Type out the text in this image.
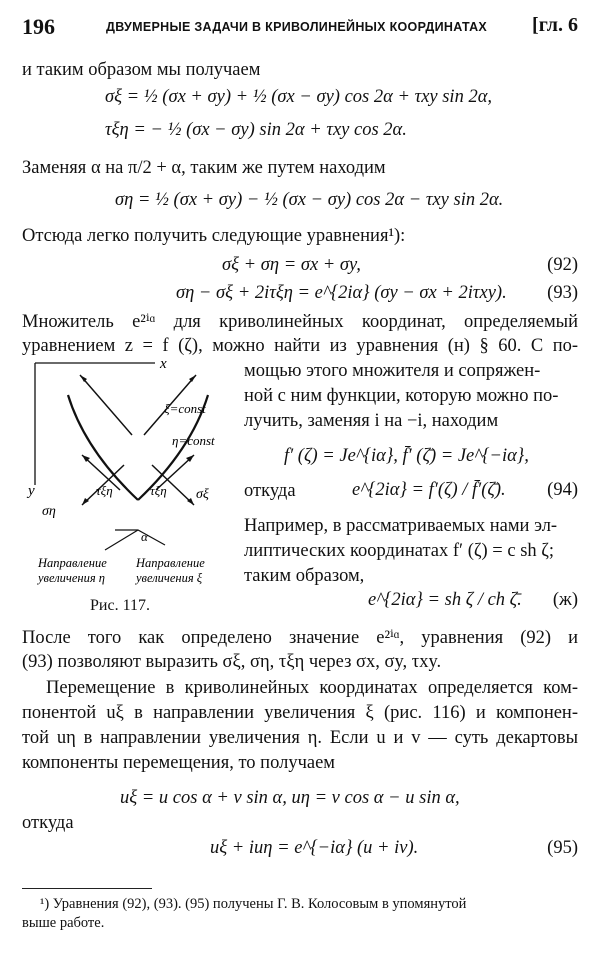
196	ДВУМЕРНЫЕ ЗАДАЧИ В КРИВОЛИНЕЙНЫХ КООРДИНАТАХ [гл. 6
и таким образом мы получаем
σξ = ½ (σx + σy) + ½ (σx − σy) cos 2α + τxy sin 2α,
τξη = − ½ (σx − σy) sin 2α + τxy cos 2α.
Заменяя α на π/2 + α, таким же путем находим
ση = ½ (σx + σy) − ½ (σx − σy) cos 2α − τxy sin 2α.
Отсюда легко получить следующие уравнения¹):
σξ + ση = σx + σy,	(92)
ση − σξ + 2iτξη = e^{2iα} (σy − σx + 2iτxy). (93)
Множитель e²ⁱᵅ для криволинейных координат, определяемый
уравнением z = f (ζ), можно найти из уравнения (н) § 60. С по-
x
y
ξ=const
η=const
τξη	τξη
ση
σξ
α
Направление
увеличения η
Направление
увеличения ξ
Рис. 117.
мощью этого множителя и сопряжен-
ной с ним функции, которую можно по-
лучить, заменяя i на −i, находим
f′ (ζ) = Je^{iα}, f̄′ (ζ̄) = Je^{−iα},
откуда	e^{2iα} = f′(ζ) / f̄′(ζ̄). (94)
Например, в рассматриваемых нами эл-
липтических координатах f′ (ζ) = c sh ζ;
таким образом,
e^{2iα} = sh ζ / ch ζ̄. (ж)
После того как определено значение e²ⁱᵅ, уравнения (92) и
(93) позволяют выразить σξ, ση, τξη через σx, σy, τxy.
Перемещение в криволинейных координатах определяется ком-
понентой uξ в направлении увеличения ξ (рис. 116) и компонен-
той uη в направлении увеличения η. Если u и v — суть декартовы
компоненты перемещения, то получаем
uξ = u cos α + v sin α, uη = v cos α − u sin α,
откуда
uξ + iuη = e^{−iα} (u + iv).	(95)
¹) Уравнения (92), (93). (95) получены Г. В. Колосовым в упомянутой
выше работе.
